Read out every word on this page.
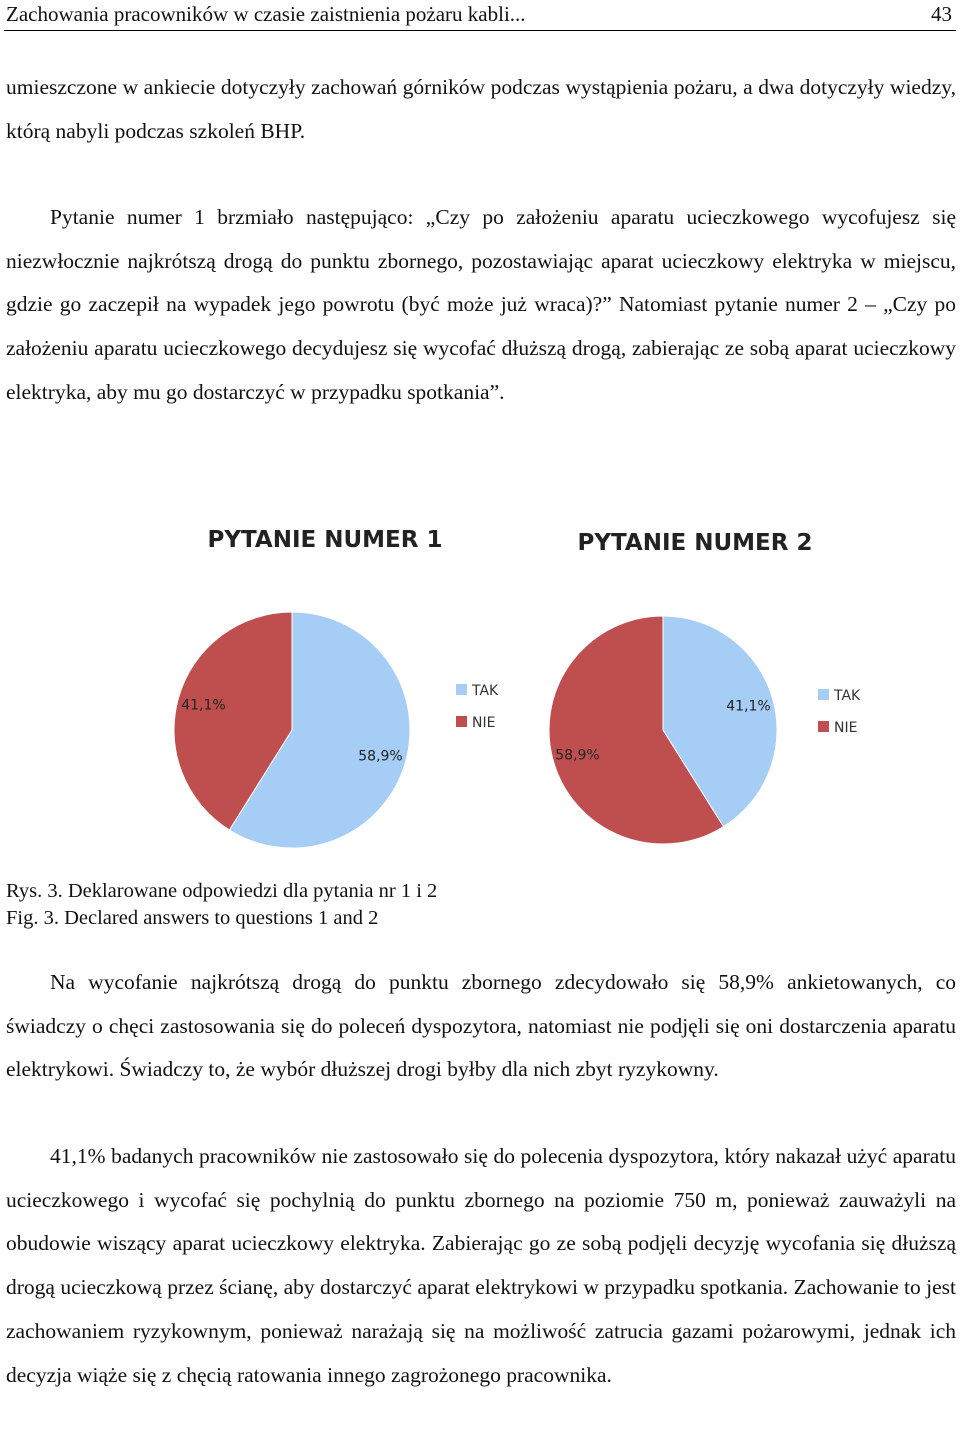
Zachowania pracowników w czasie zaistnienia pożaru kabli...	43

umieszczone w ankiecie dotyczyły zachowań górników podczas wystąpienia pożaru, a dwa dotyczyły wiedzy, którą nabyli podczas szkoleń BHP.

Pytanie numer 1 brzmiało następująco: „Czy po założeniu aparatu ucieczkowego wycofujesz się niezwłocznie najkrótszą drogą do punktu zbornego, pozostawiając aparat ucieczkowy elektryka w miejscu, gdzie go zaczepił na wypadek jego powrotu (być może już wraca)?” Natomiast pytanie numer 2 – „Czy po założeniu aparatu ucieczkowego decydujesz się wycofać dłuższą drogą, zabierając ze sobą aparat ucieczkowy elektryka, aby mu go dostarczyć w przypadku spotkania”.

PYTANIE NUMER 1
58,9%
41,1%
TAK
NIE
PYTANIE NUMER 2
41,1%
58,9%
TAK
NIE
Rys. 3. Deklarowane odpowiedzi dla pytania nr 1 i 2
Fig. 3. Declared answers to questions 1 and 2

Na wycofanie najkrótszą drogą do punktu zbornego zdecydowało się 58,9% ankietowanych, co świadczy o chęci zastosowania się do poleceń dyspozytora, natomiast nie podjęli się oni dostarczenia aparatu elektrykowi. Świadczy to, że wybór dłuższej drogi byłby dla nich zbyt ryzykowny.

41,1% badanych pracowników nie zastosowało się do polecenia dyspozytora, który nakazał użyć aparatu ucieczkowego i wycofać się pochylnią do punktu zbornego na poziomie 750 m, ponieważ zauważyli na obudowie wiszący aparat ucieczkowy elektryka. Zabierając go ze sobą podjęli decyzję wycofania się dłuższą drogą ucieczkową przez ścianę, aby dostarczyć aparat elektrykowi w przypadku spotkania. Zachowanie to jest zachowaniem ryzykownym, ponieważ narażają się na możliwość zatrucia gazami pożarowymi, jednak ich decyzja wiąże się z chęcią ratowania innego zagrożonego pracownika.
